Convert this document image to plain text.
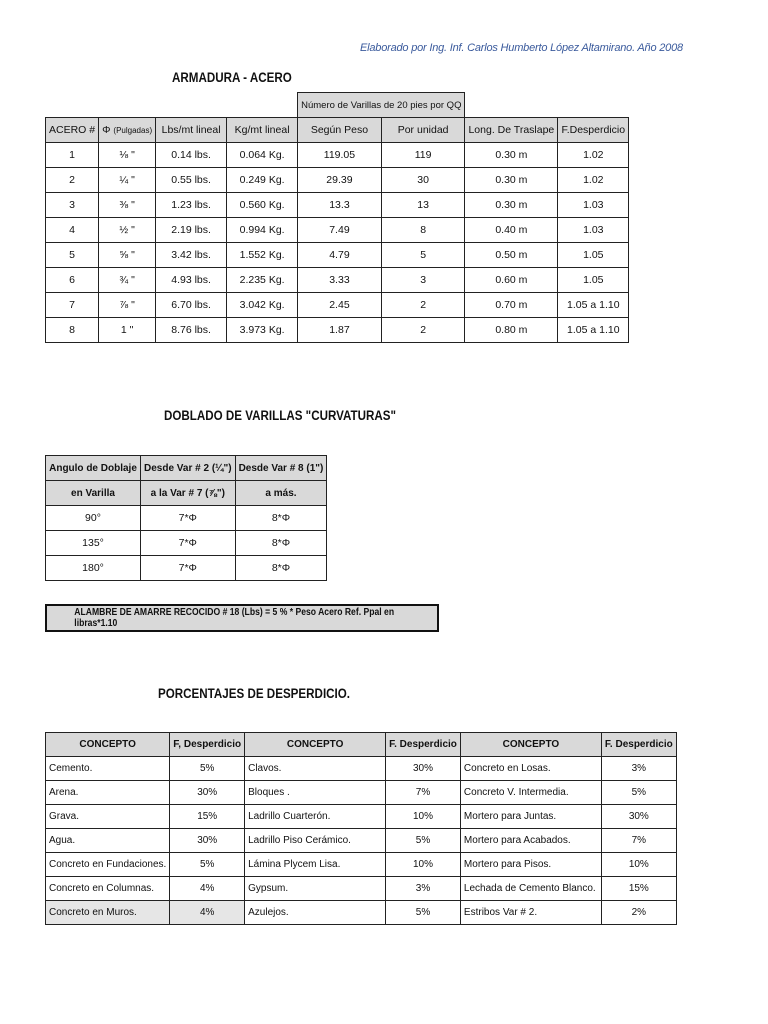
Elaborado por Ing. Inf. Carlos Humberto López Altamirano. Año 2008
ARMADURA - ACERO
				Número de Varillas de 20 pies por QQ			
ACERO #	Φ (Pulgadas)	Lbs/mt lineal	Kg/mt lineal	Según Peso	Por unidad	Long. De Traslape	F.Desperdicio
1	⅛ "	0.14 lbs.	0.064 Kg.	119.05	119	0.30 m	1.02
2	¼ "	0.55 lbs.	0.249 Kg.	29.39	30	0.30 m	1.02
3	⅜ "	1.23 lbs.	0.560 Kg.	13.3	13	0.30 m	1.03
4	½ "	2.19 lbs.	0.994 Kg.	7.49	8	0.40 m	1.03
5	⅝ "	3.42 lbs.	1.552 Kg.	4.79	5	0.50 m	1.05
6	¾ "	4.93 lbs.	2.235 Kg.	3.33	3	0.60 m	1.05
7	⅞ "	6.70 lbs.	3.042 Kg.	2.45	2	0.70 m	1.05 a 1.10
8	1 "	8.76 lbs.	3.973 Kg.	1.87	2	0.80 m	1.05 a 1.10
DOBLADO DE VARILLAS "CURVATURAS"
Angulo de Doblaje	Desde Var # 2 (¼")	Desde Var # 8 (1")
en Varilla	a la Var # 7 (⅞")	a más.
90°	7*Φ	8*Φ
135°	7*Φ	8*Φ
180°	7*Φ	8*Φ
ALAMBRE DE AMARRE RECOCIDO # 18 (Lbs) = 5 % * Peso Acero Ref. Ppal en libras*1.10
PORCENTAJES DE DESPERDICIO.
CONCEPTO	F, Desperdicio	CONCEPTO	F. Desperdicio	CONCEPTO	F. Desperdicio
Cemento.	5%	Clavos.	30%	Concreto en Losas.	3%
Arena.	30%	Bloques .	7%	Concreto V. Intermedia.	5%
Grava.	15%	Ladrillo Cuarterón.	10%	Mortero para Juntas.	30%
Agua.	30%	Ladrillo Piso Cerámico.	5%	Mortero para Acabados.	7%
Concreto en Fundaciones.	5%	Lámina Plycem Lisa.	10%	Mortero para Pisos.	10%
Concreto en Columnas.	4%	Gypsum.	3%	Lechada de Cemento Blanco.	15%
Concreto en Muros.	4%	Azulejos.	5%	Estribos Var # 2.	2%
